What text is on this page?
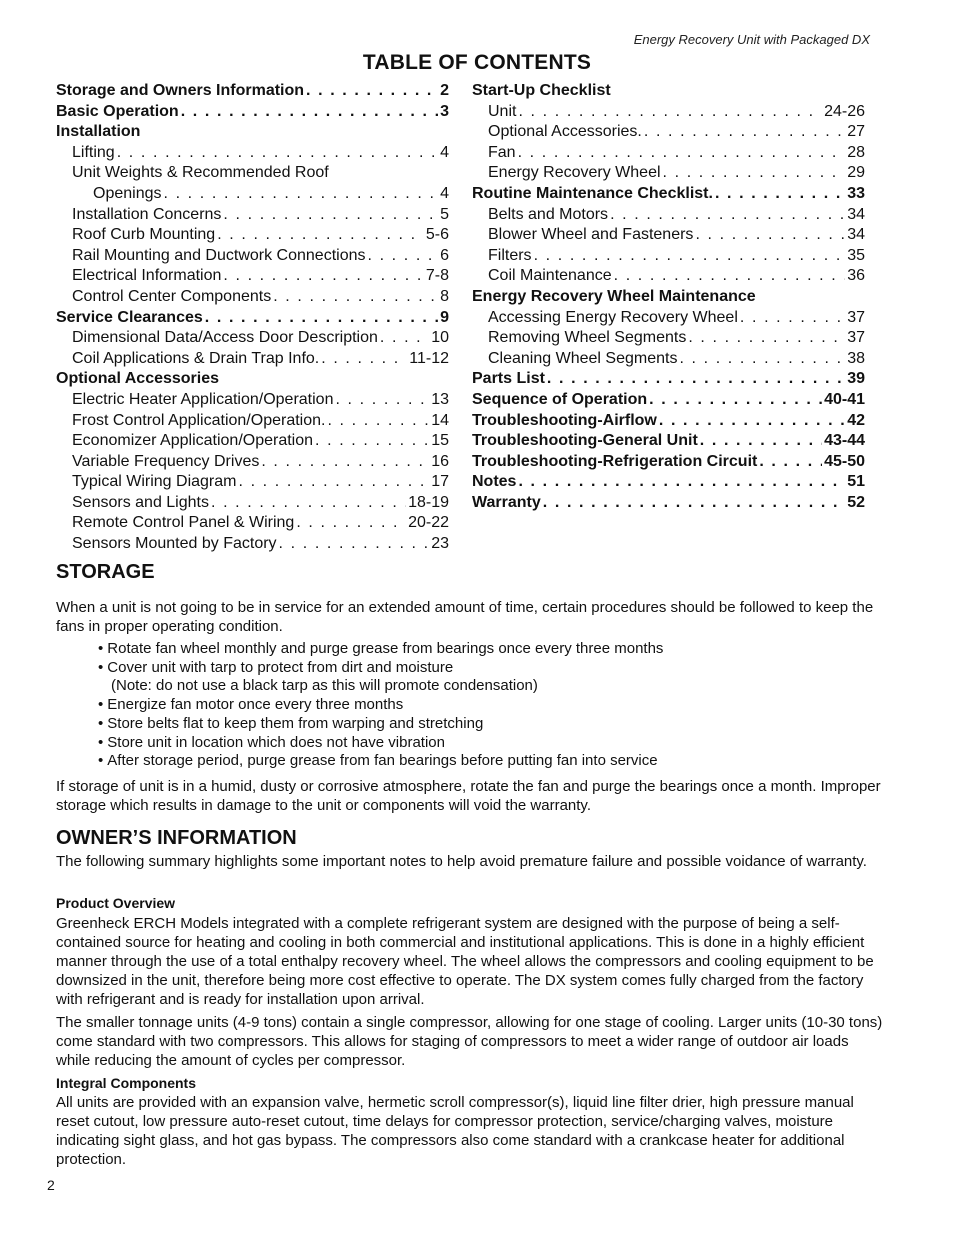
Energy Recovery Unit with Packaged DX
TABLE OF CONTENTS
Storage and Owners Information . . .	2
Basic Operation . . .	3
Installation
Lifting . . .	4
Unit Weights & Recommended Roof
Openings . . .	4
Installation Concerns . . .	5
Roof Curb Mounting . . .	5-6
Rail Mounting and Ductwork Connections . . .	6
Electrical Information . . .	7-8
Control Center Components . . .	8
Service Clearances . . .	9
Dimensional Data/Access Door Description . . .	10
Coil Applications & Drain Trap Info. . . .	11-12
Optional Accessories
Electric Heater Application/Operation . . .	13
Frost Control Application/Operation. . . .	14
Economizer Application/Operation . . .	15
Variable Frequency Drives . . .	16
Typical Wiring Diagram . . .	17
Sensors and Lights . . .	18-19
Remote Control Panel & Wiring . . .	20-22
Sensors Mounted by Factory . . .	23
Start-Up Checklist
Unit . . .	24-26
Optional Accessories. . . .	27
Fan . . .	28
Energy Recovery Wheel . . .	29
Routine Maintenance Checklist. . . .	33
Belts and Motors . . .	34
Blower Wheel and Fasteners . . .	34
Filters . . .	35
Coil Maintenance . . .	36
Energy Recovery Wheel Maintenance
Accessing Energy Recovery Wheel . . .	37
Removing Wheel Segments . . .	37
Cleaning Wheel Segments . . .	38
Parts List . . .	39
Sequence of Operation . . .	40-41
Troubleshooting-Airflow . . .	42
Troubleshooting-General Unit . . .	43-44
Troubleshooting-Refrigeration Circuit . . .	45-50
Notes . . .	51
Warranty . . .	52
STORAGE
When a unit is not going to be in service for an extended amount of time, certain procedures should be followed to keep the fans in proper operating condition.
• Rotate fan wheel monthly and purge grease from bearings once every three months
• Cover unit with tarp to protect from dirt and moisture
(Note: do not use a black tarp as this will promote condensation)
• Energize fan motor once every three months
• Store belts flat to keep them from warping and stretching
• Store unit in location which does not have vibration
• After storage period, purge grease from fan bearings before putting fan into service
If storage of unit is in a humid, dusty or corrosive atmosphere, rotate the fan and purge the bearings once a month. Improper storage which results in damage to the unit or components will void the warranty.
OWNER’S INFORMATION
The following summary highlights some important notes to help avoid premature failure and possible voidance of warranty.
Product Overview
Greenheck ERCH Models integrated with a complete refrigerant system are designed with the purpose of being a self-contained source for heating and cooling in both commercial and institutional applications. This is done in a highly efficient manner through the use of a total enthalpy recovery wheel. The wheel allows the compressors and cooling equipment to be downsized in the unit, therefore being more cost effective to operate. The DX system comes fully charged from the factory with refrigerant and is ready for installation upon arrival.
The smaller tonnage units (4-9 tons) contain a single compressor, allowing for one stage of cooling. Larger units (10-30 tons) come standard with two compressors. This allows for staging of compressors to meet a wider range of outdoor air loads while reducing the amount of cycles per compressor.
Integral Components
All units are provided with an expansion valve, hermetic scroll compressor(s), liquid line filter drier, high pressure manual reset cutout, low pressure auto-reset cutout, time delays for compressor protection, service/charging valves, moisture indicating sight glass, and hot gas bypass. The compressors also come standard with a crankcase heater for additional protection.
2
